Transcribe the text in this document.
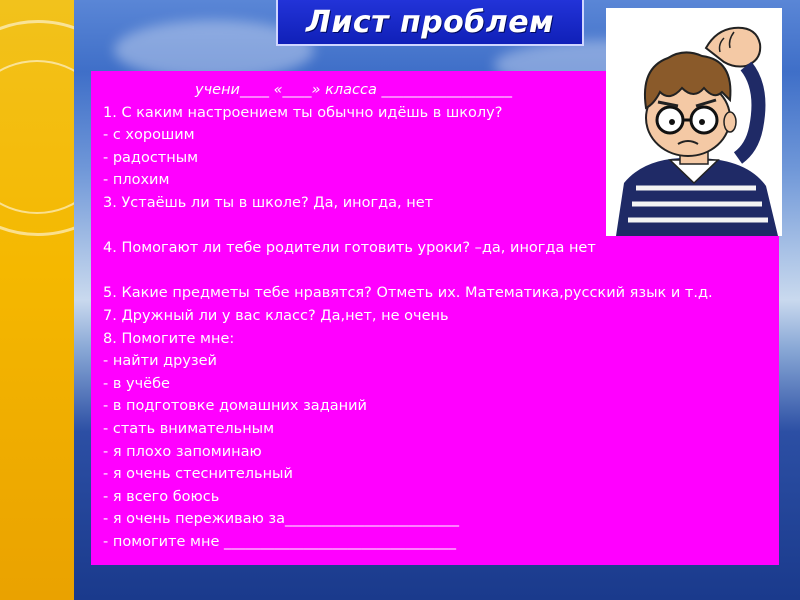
Лист проблем
учени____ «____» класса __________________
1. С каким настроением ты обычно идёшь в школу?
- с хорошим
- радостным
- плохим
3. Устаёшь ли ты в школе? Да, иногда, нет
4. Помогают ли тебе родители готовить уроки? –да, иногда нет
5. Какие предметы тебе нравятся? Отметь их. Математика,русский язык и т.д.
7. Дружный ли у вас класс? Да,нет, не очень
8. Помогите мне:
- найти друзей
- в учёбе
- в подготовке домашних заданий
- стать внимательным
- я плохо запоминаю
- я очень стеснительный
- я всего боюсь
- я очень переживаю за________________________
- помогите мне ________________________________
